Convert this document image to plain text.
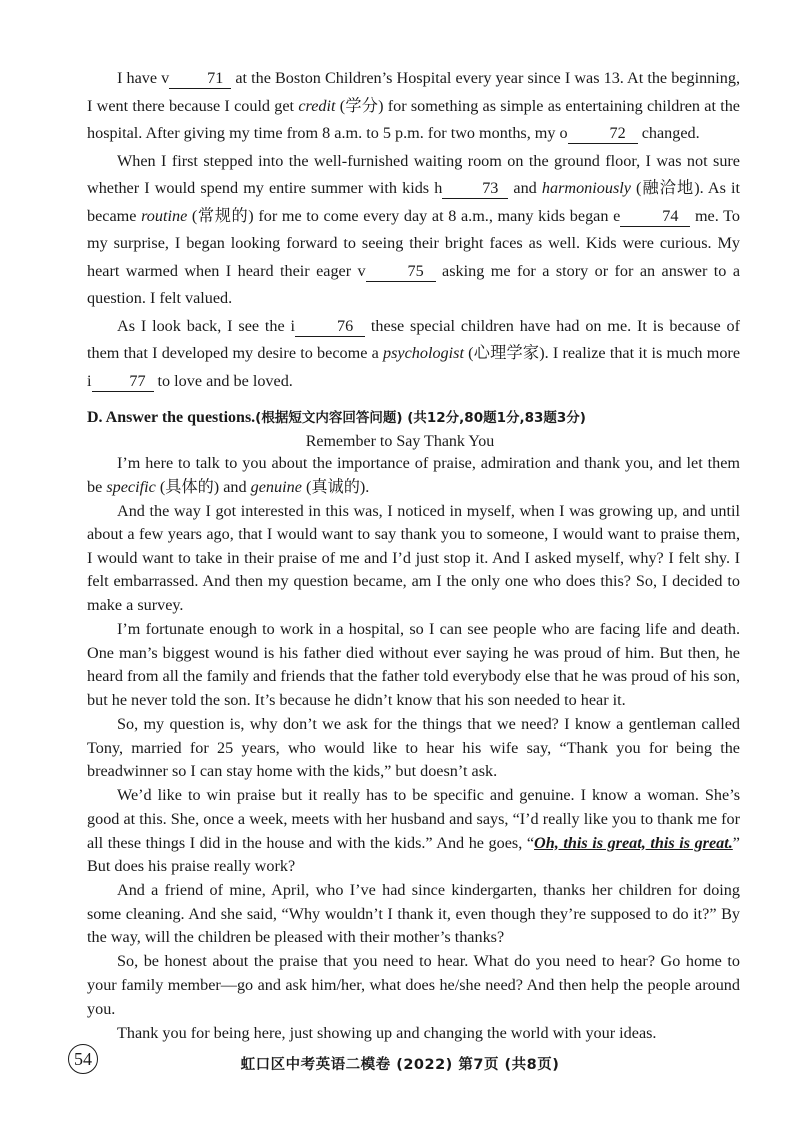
I have v 71 at the Boston Children’s Hospital every year since I was 13. At the beginning, I went there because I could get credit (学分) for something as simple as entertaining children at the hospital. After giving my time from 8 a.m. to 5 p.m. for two months, my o	72 changed.

When I first stepped into the well-furnished waiting room on the ground floor, I was not sure whether I would spend my entire summer with kids h 73 and harmoniously (融洽地). As it became routine (常规的) for me to come every day at 8 a.m., many kids began e	74 me. To my surprise, I began looking forward to seeing their bright faces as well. Kids were curious. My heart warmed when I heard their eager v	75 asking me for a story or for an answer to a question. I felt valued.

As I look back, I see the i	76 these special children have had on me. It is because of them that I developed my desire to become a psychologist (心理学家). I realize that it is much more i 77 to love and be loved.

D. Answer the questions.(根据短文内容回答问题) (共12分,80题1分,83题3分)
Remember to Say Thank You

I’m here to talk to you about the importance of praise, admiration and thank you, and let them be specific (具体的) and genuine (真诚的).

And the way I got interested in this was, I noticed in myself, when I was growing up, and until about a few years ago, that I would want to say thank you to someone, I would want to praise them, I would want to take in their praise of me and I’d just stop it. And I asked myself, why? I felt shy. I felt embarrassed. And then my question became, am I the only one who does this? So, I decided to make a survey.

I’m fortunate enough to work in a hospital, so I can see people who are facing life and death. One man’s biggest wound is his father died without ever saying he was proud of him. But then, he heard from all the family and friends that the father told everybody else that he was proud of his son, but he never told the son. It’s because he didn’t know that his son needed to hear it.

So, my question is, why don’t we ask for the things that we need? I know a gentleman called Tony, married for 25 years, who would like to hear his wife say, “Thank you for being the breadwinner so I can stay home with the kids,” but doesn’t ask.

We’d like to win praise but it really has to be specific and genuine. I know a woman. She’s good at this. She, once a week, meets with her husband and says, “I’d really like you to thank me for all these things I did in the house and with the kids.” And he goes, “Oh, this is great, this is great.” But does his praise really work?

And a friend of mine, April, who I’ve had since kindergarten, thanks her children for doing some cleaning. And she said, “Why wouldn’t I thank it, even though they’re supposed to do it?” By the way, will the children be pleased with their mother’s thanks?

So, be honest about the praise that you need to hear. What do you need to hear? Go home to your family member—go and ask him/her, what does he/she need? And then help the people around you.

Thank you for being here, just showing up and changing the world with your ideas.

54	虹口区中考英语二模卷 (2022) 第7页 (共8页)
